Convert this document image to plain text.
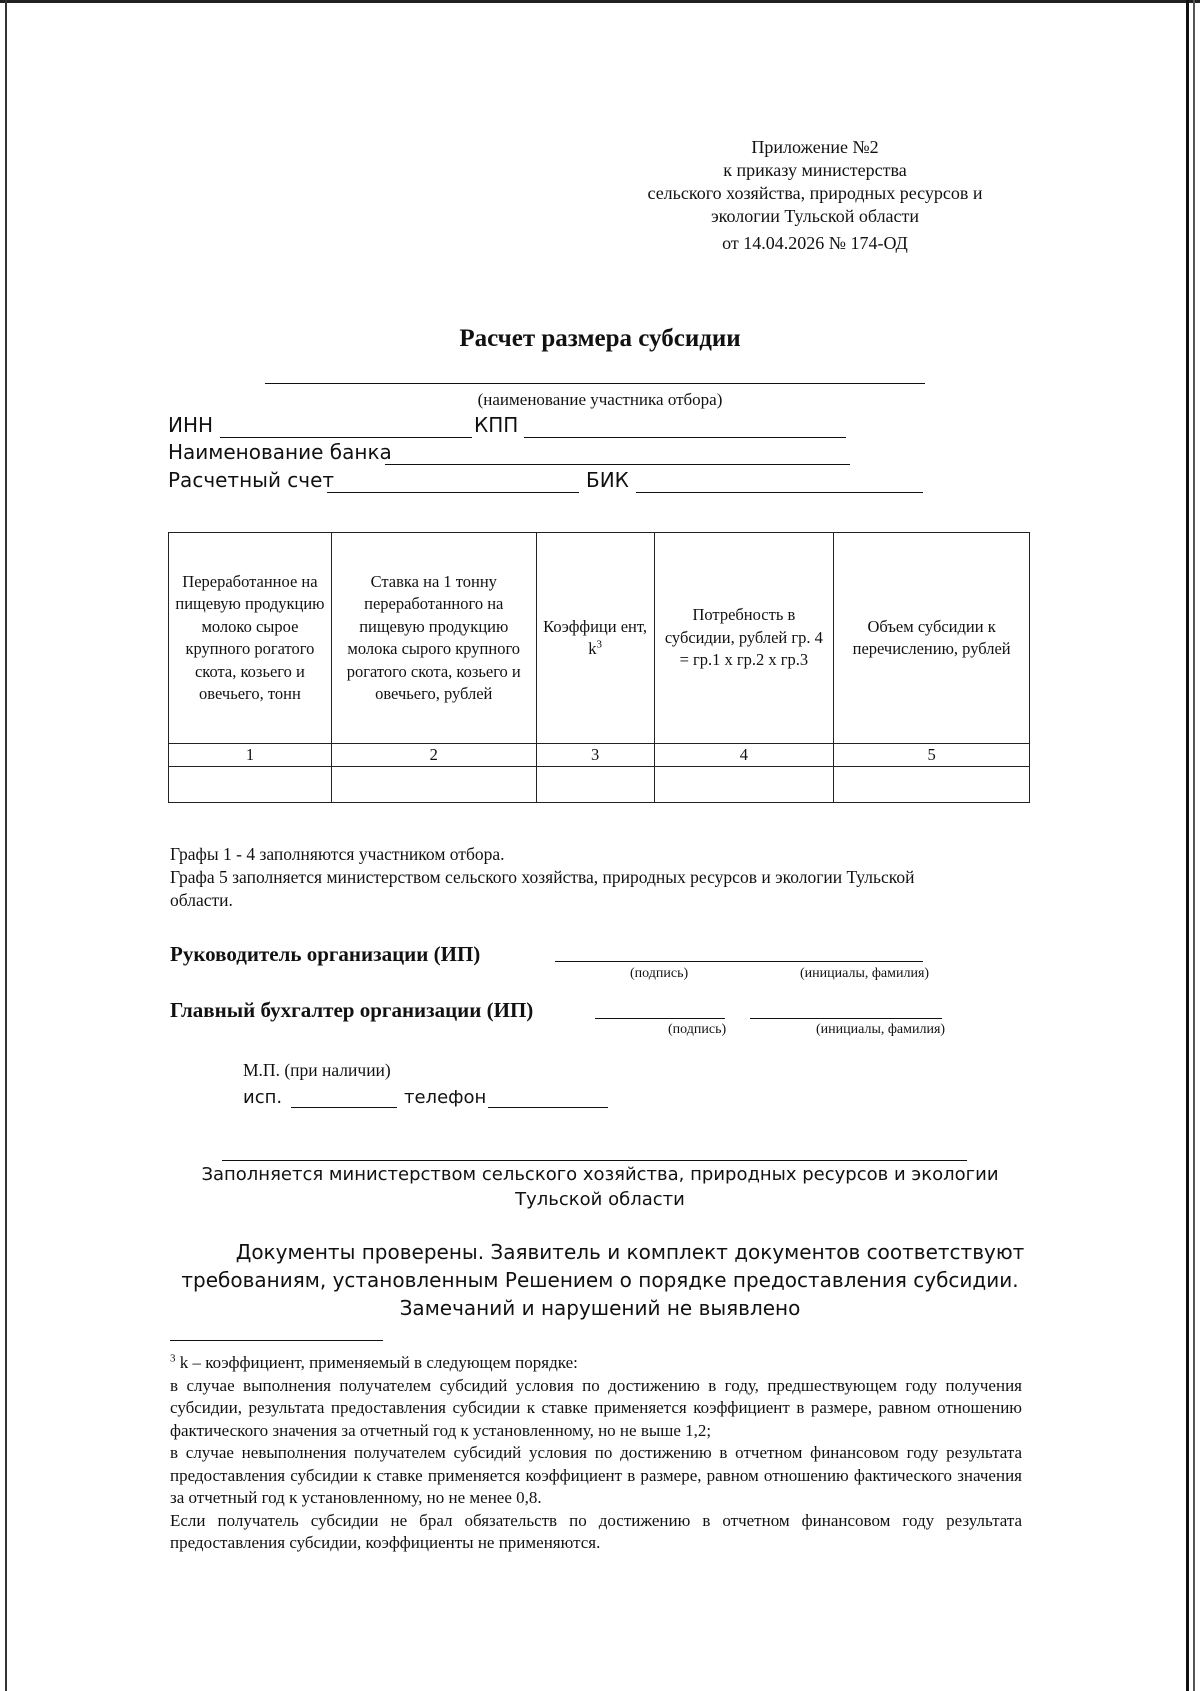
Приложение №2
к приказу министерства
сельского хозяйства, природных ресурсов и
экологии Тульской области
от 14.04.2026 № 174-ОД
Расчет размера субсидии
(наименование участника отбора)
ИНН	КПП
Наименование банка
Расчетный счет	БИК
Переработанное на пищевую продукцию молоко сырое крупного рогатого скота, козьего и овечьего, тонн	Ставка на 1 тонну переработанного на пищевую продукцию молока сырого крупного рогатого скота, козьего и овечьего, рублей	Коэффици ент, $k^3$	Потребность в субсидии, рублей гр. 4 = гр.1 x гр.2 x гр.3	Объем субсидии к перечислению, рублей
1	2	3	4	5

Графы 1 - 4 заполняются участником отбора.
Графа 5 заполняется министерством сельского хозяйства, природных ресурсов и экологии Тульской
области.
Руководитель организации (ИП)
(подпись)	(инициалы, фамилия)
Главный бухгалтер организации (ИП)
(подпись)	(инициалы, фамилия)
М.П. (при наличии)
исп.	телефон
Заполняется министерством сельского хозяйства, природных ресурсов и экологии
Тульской области
Документы проверены. Заявитель и комплект документов соответствуют
требованиям, установленным Решением о порядке предоставления субсидии.
Замечаний и нарушений не выявлено

$^3$ k – коэффициент, применяемый в следующем порядке:

в случае выполнения получателем субсидий условия по достижению в году, предшествующем году получения субсидии, результата предоставления субсидии к ставке применяется коэффициент в размере, равном отношению фактического значения за отчетный год к установленному, но не выше 1,2;

в случае невыполнения получателем субсидий условия по достижению в отчетном финансовом году результата предоставления субсидии к ставке применяется коэффициент в размере, равном отношению фактического значения за отчетный год к установленному, но не менее 0,8.

Если получатель субсидии не брал обязательств по достижению в отчетном финансовом году результата предоставления субсидии, коэффициенты не применяются.
